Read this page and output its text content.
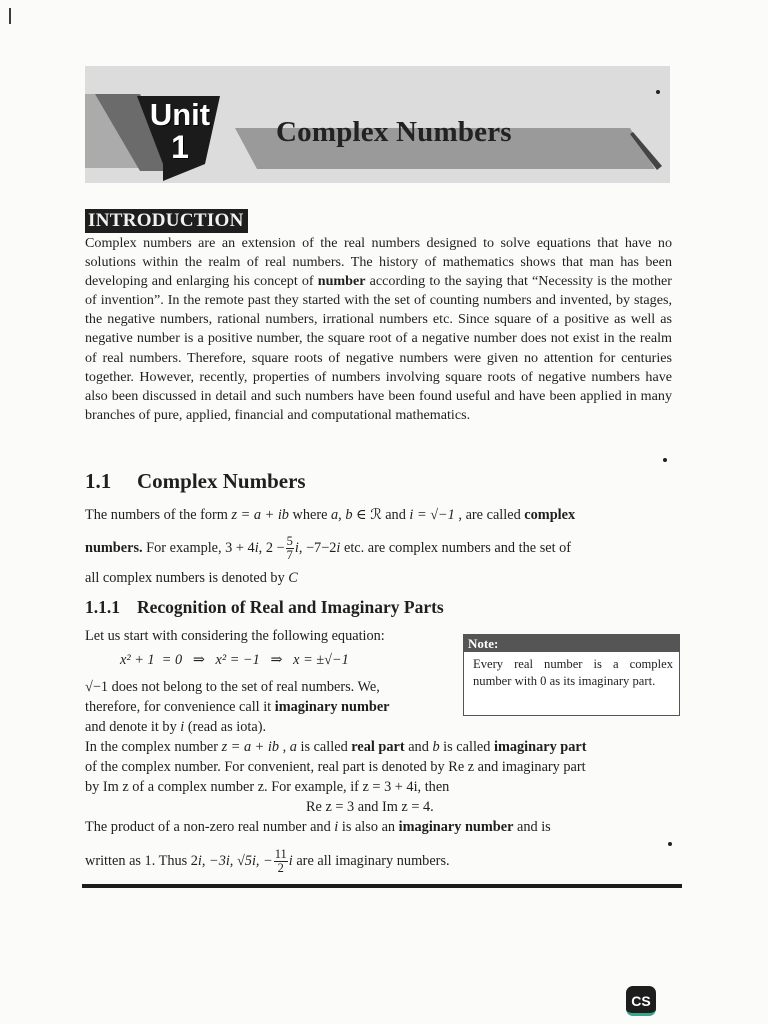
Unit
1	Complex Numbers
INTRODUCTION
Complex numbers are an extension of the real numbers designed to solve equations that have no solutions within the realm of real numbers. The history of mathematics shows that man has been developing and enlarging his concept of number according to the saying that “Necessity is the mother of invention”. In the remote past they started with the set of counting numbers and invented, by stages, the negative numbers, rational numbers, irrational numbers etc. Since square of a positive as well as negative number is a positive number, the square root of a negative number does not exist in the realm of real numbers. Therefore, square roots of negative numbers were given no attention for centuries together. However, recently, properties of numbers involving square roots of negative numbers have also been discussed in detail and such numbers have been found useful and have been applied in many branches of pure, applied, financial and computational mathematics.
1.1 Complex Numbers
The numbers of the form z = a + ib where a, b ∈ ℛ and i = √−1 , are called complex
numbers. For example, 3 + 4i, $2 - \frac{5}{7} i$, −7−2i etc. are complex numbers and the set of
all complex numbers is denoted by C
1.1.1 Recognition of Real and Imaginary Parts
Let us start with considering the following equation:
x² + 1  = 0   ⇒   x² = −1   ⇒   x = ±√−1
√−1 does not belong to the set of real numbers. We,
therefore, for convenience call it imaginary number
and denote it by i (read as iota).
Note:
Every real number is a complex number with 0 as its imaginary part.
In the complex number z = a + ib , a is called real part and b is called imaginary part
of the complex number. For convenient, real part is denoted by Re z and imaginary part
by Im z of a complex number z. For example, if z = 3 + 4i, then
Re z = 3 and Im z = 4.
The product of a non-zero real number and i is also an imaginary number and is
written as 1. Thus 2i, −3i, √5i, − $\frac{11}{2}$ i are all imaginary numbers.
CS
